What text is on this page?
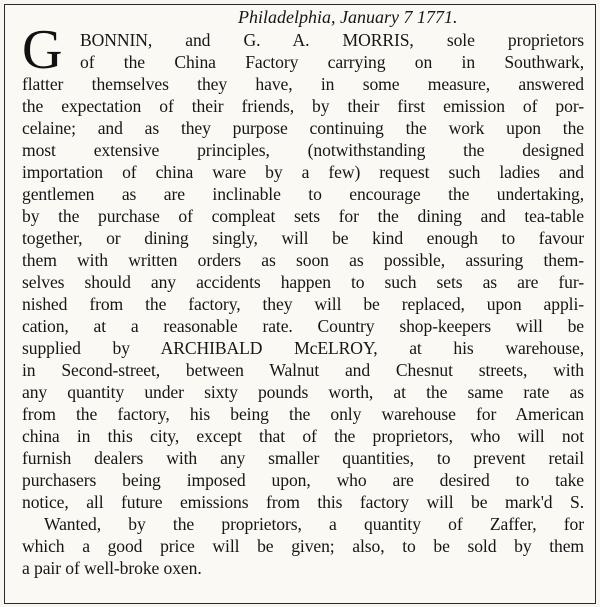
Philadelphia, January 7 1771.
G BONNIN, and G. A. MORRIS, sole proprietors
of the China Factory carrying on in Southwark,
flatter themselves they have, in some measure, answered
the expectation of their friends, by their first emission of por-
celaine; and as they purpose continuing the work upon the
most extensive principles, (notwithstanding the designed
importation of china ware by a few) request such ladies and
gentlemen as are inclinable to encourage the undertaking,
by the purchase of compleat sets for the dining and tea-table
together, or dining singly, will be kind enough to favour
them with written orders as soon as possible, assuring them-
selves should any accidents happen to such sets as are fur-
nished from the factory, they will be replaced, upon appli-
cation, at a reasonable rate. Country shop-keepers will be
supplied by ARCHIBALD McELROY, at his warehouse,
in Second-street, between Walnut and Chesnut streets, with
any quantity under sixty pounds worth, at the same rate as
from the factory, his being the only warehouse for American
china in this city, except that of the proprietors, who will not
furnish dealers with any smaller quantities, to prevent retail
purchasers being imposed upon, who are desired to take
notice, all future emissions from this factory will be mark'd S.
Wanted, by the proprietors, a quantity of Zaffer, for
which a good price will be given; also, to be sold by them
a pair of well-broke oxen.
